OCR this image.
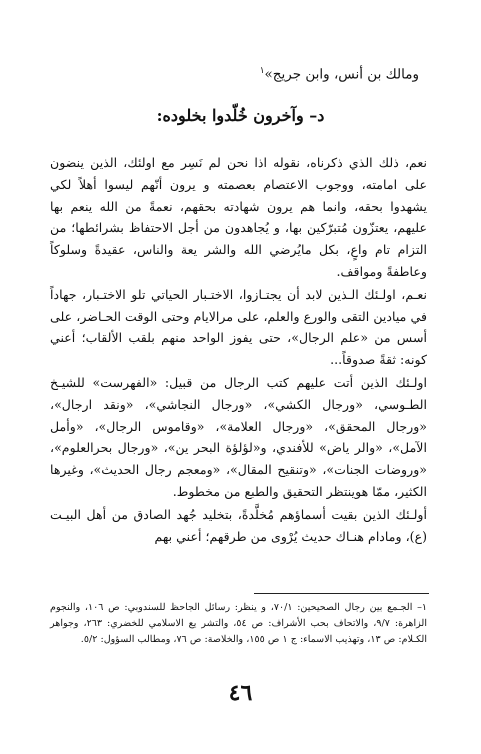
ومالك بن أنس، وابن جريج»$^١$

د– وآخرون خُلّدوا بخلوده:

نعم، ذلك الذي ذكرناه، نقوله اذا نحن لم نَسِر مع اولئك، الذين ينضون على امامته، ووجوب الاعتصام بعصمته و يرون أنّهم ليسوا أهلاً لكي يشهدوا بحقه، وانما هم يرون شهادته بحقهم، نعمةً من الله ينعم بها عليهم، يعتزّون مُتبرّكين بها، و يُجاهدون من أجل الاحتفاظ بشرائطها؛ من التزام تام واعٍ، بكل مايُرضي الله والشر يعة والناس، عقيدةً وسلوكاً وعاطفةً ومواقف.

نعـم، اولـئك الـذين لابد أن يجتـازوا، الاختـبار الحياتي تلو الاختـبار، جهاداً في ميادين التقى والورع والعلم، على مرالايام وحتى الوقت الحـاضر، على أسس من «علم الرجال»، حتى يفوز الواحد منهم بلقب الألقاب؛ أعني كونه: ثقةً صدوقاً...

اولـئك الذين أتت عليهم كتب الرجال من قبيل: «الفهرست» للشيـخ الطـوسي، «ورجال الكشي»، «ورجال النجاشي»، «ونقد ارجال»، «ورجال المحقق»، «ورجال العلامة»، «وقاموس الرجال»، «وأمل الآمل»، «والر ياض» للأفندي، و«لؤلؤة البحر ين»، «ورجال بحرالعلوم»، «وروضات الجنات»، «وتنقيح المقال»، «ومعجم رجال الحديث»، وغيرها الكثير، ممّا هوينتظر التحقيق والطبع من مخطوط.

أولـئك الذين بقيت أسماؤهم مُخلَّدةً، بتخليد جُهد الصادق من أهل البيـت (ع)، ومادام هنـاك حديث يُرْوى من طرقهم؛ أعني بهم

١– الجـمع بين رجال الصحيحين: ٧٠/١، و ينظر: رسائل الجاحظ للسندوبي: ص ١٠٦، والنجوم الزاهرة: ٩/٧، والاتحاف بحب الأشراف: ص ٥٤، والتشر يع الاسلامي للخضري: ٢٦٣، وجواهر الكـلام: ص ١٣، وتهذيب الاسماء: ج ١ ص ١٥٥، والخلاصة: ص ٧٦، ومطالب السؤول: ٥/٢.

٤٦
